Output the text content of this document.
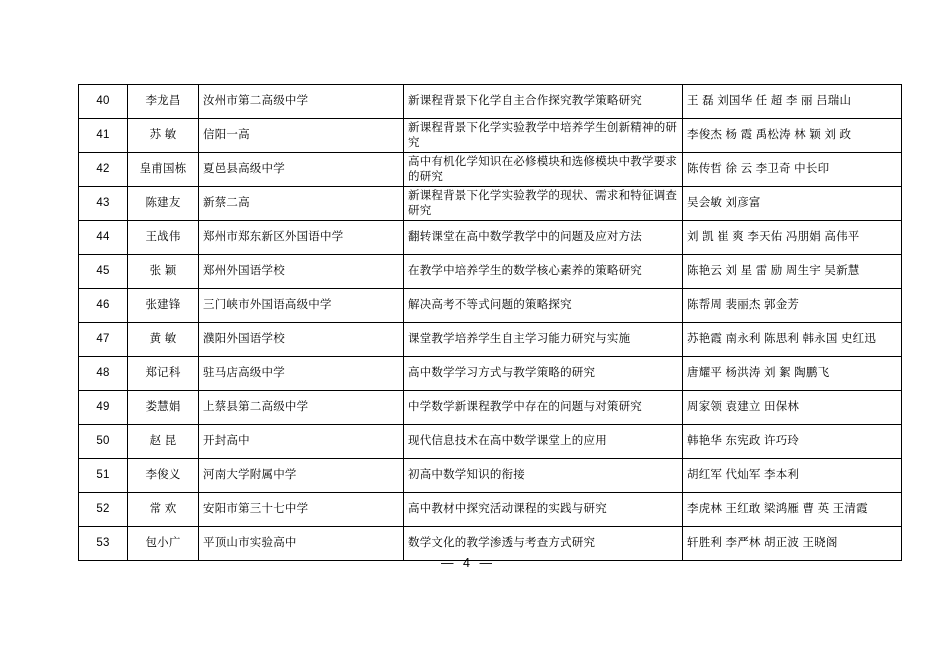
40	李龙昌	汝州市第二高级中学	新课程背景下化学自主合作探究教学策略研究	王 磊 刘国华 任 超 李 丽 吕瑞山
41	苏 敏	信阳一高	新课程背景下化学实验教学中培养学生创新精神的研究	李俊杰 杨 霞 禹松涛 林 颖 刘 政
42	皇甫国栋	夏邑县高级中学	高中有机化学知识在必修模块和选修模块中教学要求的研究	陈传哲 徐 云 李卫奇 中长印
43	陈建友	新蔡二高	新课程背景下化学实验教学的现状、需求和特征调查研究	吴会敏 刘彦富
44	王战伟	郑州市郑东新区外国语中学	翻转课堂在高中数学教学中的问题及应对方法	刘 凯 崔 爽 李天佑 冯朋娟 高伟平
45	张 颖	郑州外国语学校	在教学中培养学生的数学核心素养的策略研究	陈艳云 刘 星 雷 励 周生宇 吴新慧
46	张建锋	三门峡市外国语高级中学	解决高考不等式问题的策略探究	陈帮周 裴丽杰 郭金芳
47	黄 敏	濮阳外国语学校	课堂教学培养学生自主学习能力研究与实施	苏艳霞 南永利 陈思利 韩永国 史红迅
48	郑记科	驻马店高级中学	高中数学学习方式与教学策略的研究	唐耀平 杨洪涛 刘 絮 陶鹏飞
49	娄慧娟	上蔡县第二高级中学	中学数学新课程教学中存在的问题与对策研究	周家领 袁建立 田保林
50	赵 昆	开封高中	现代信息技术在高中数学课堂上的应用	韩艳华 东宪政 许巧玲
51	李俊义	河南大学附属中学	初高中数学知识的衔接	胡红军 代灿军 李本利
52	常 欢	安阳市第三十七中学	高中教材中探究活动课程的实践与研究	李虎林 王红敢 梁鸿雁 曹 英 王清霞
53	包小广	平顶山市实验高中	数学文化的教学渗透与考查方式研究	轩胜利 李严林 胡正波 王晓阁
— 4 —
